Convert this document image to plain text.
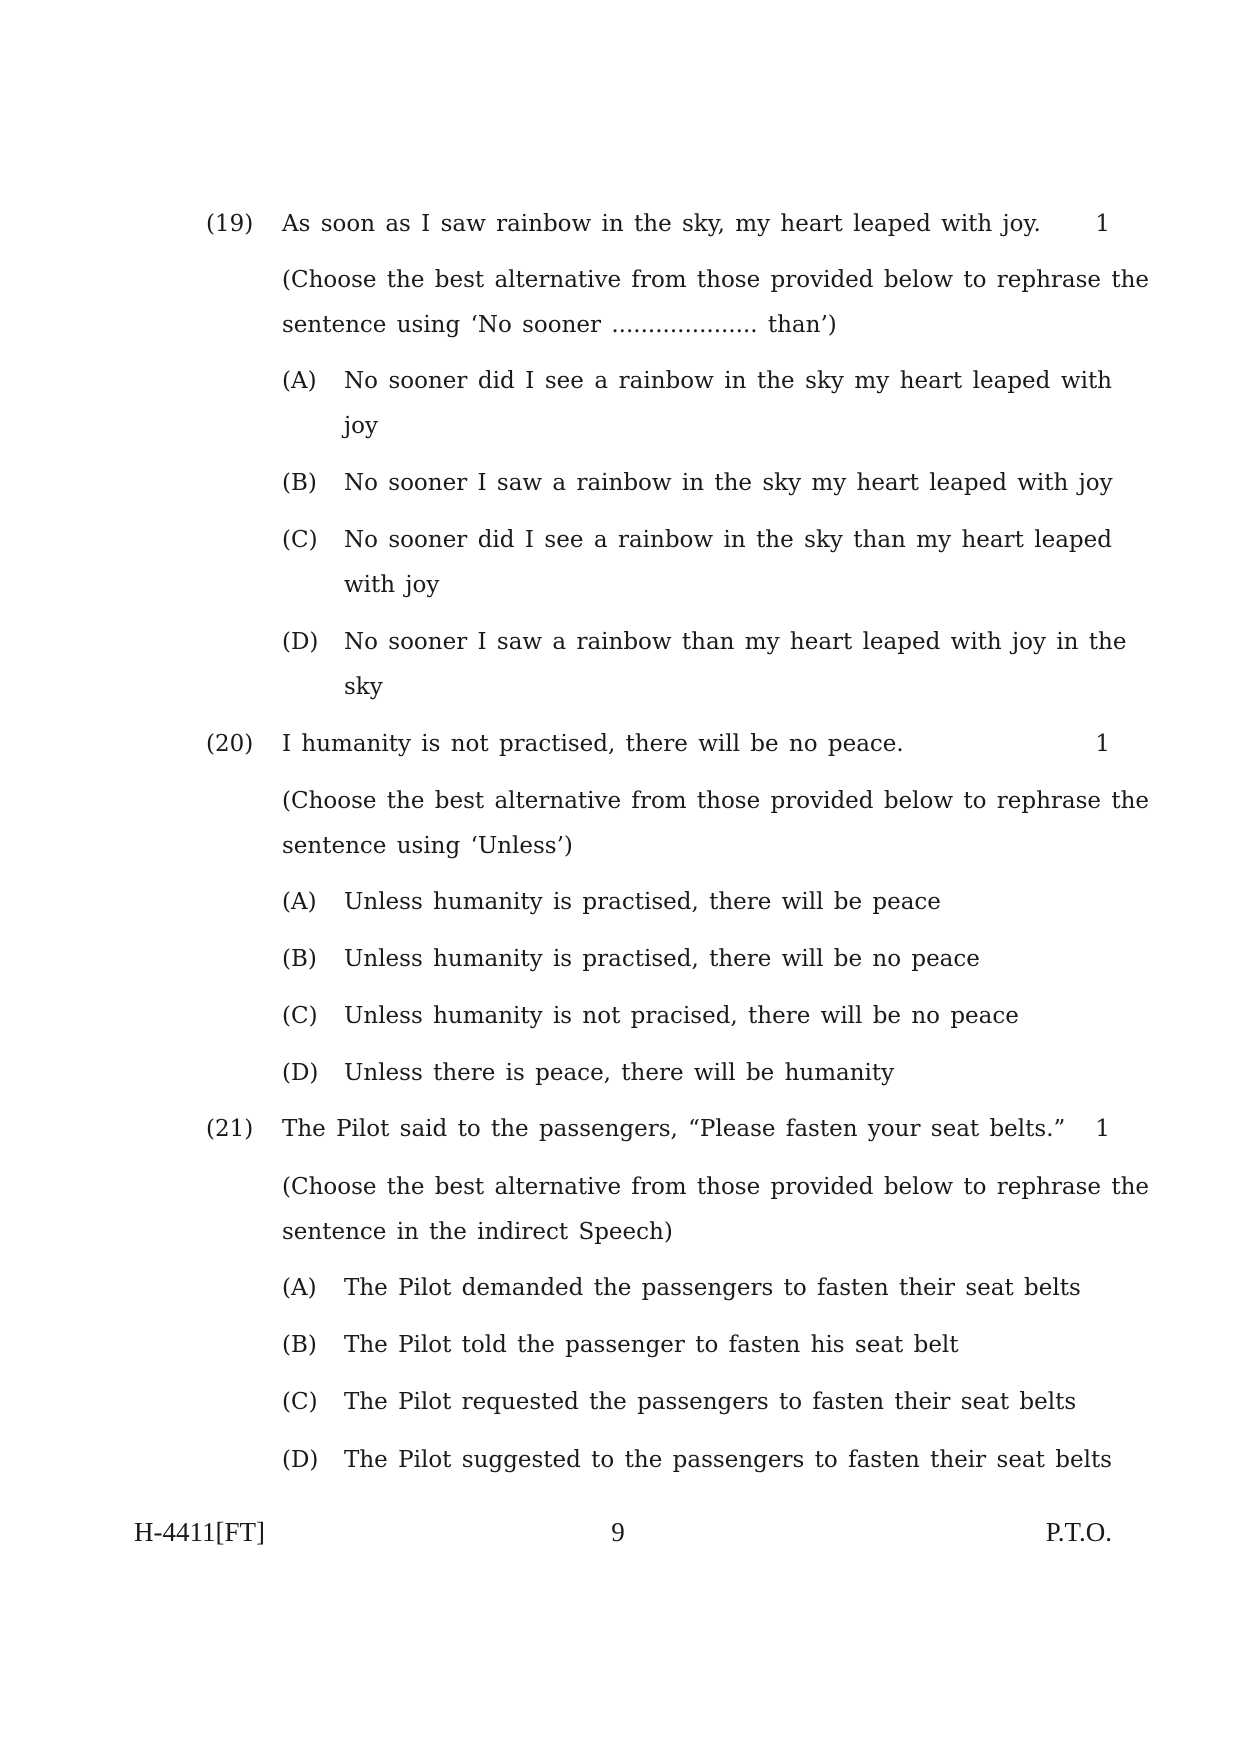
(19) As soon as I saw rainbow in the sky, my heart leaped with joy.	1
(Choose the best alternative from those provided below to rephrase the
sentence using ‘No sooner .................... than’)
(A) No sooner did I see a rainbow in the sky my heart leaped with
joy
(B) No sooner I saw a rainbow in the sky my heart leaped with joy
(C) No sooner did I see a rainbow in the sky than my heart leaped
with joy
(D) No sooner I saw a rainbow than my heart leaped with joy in the
sky
(20) I humanity is not practised, there will be no peace.	1
(Choose the best alternative from those provided below to rephrase the
sentence using ‘Unless’)
(A) Unless humanity is practised, there will be peace
(B) Unless humanity is practised, there will be no peace
(C) Unless humanity is not pracised, there will be no peace
(D) Unless there is peace, there will be humanity
(21) The Pilot said to the passengers, “Please fasten your seat belts.”	1
(Choose the best alternative from those provided below to rephrase the
sentence in the indirect Speech)
(A) The Pilot demanded the passengers to fasten their seat belts
(B) The Pilot told the passenger to fasten his seat belt
(C) The Pilot requested the passengers to fasten their seat belts
(D) The Pilot suggested to the passengers to fasten their seat belts
H-4411[FT]	9	P.T.O.
